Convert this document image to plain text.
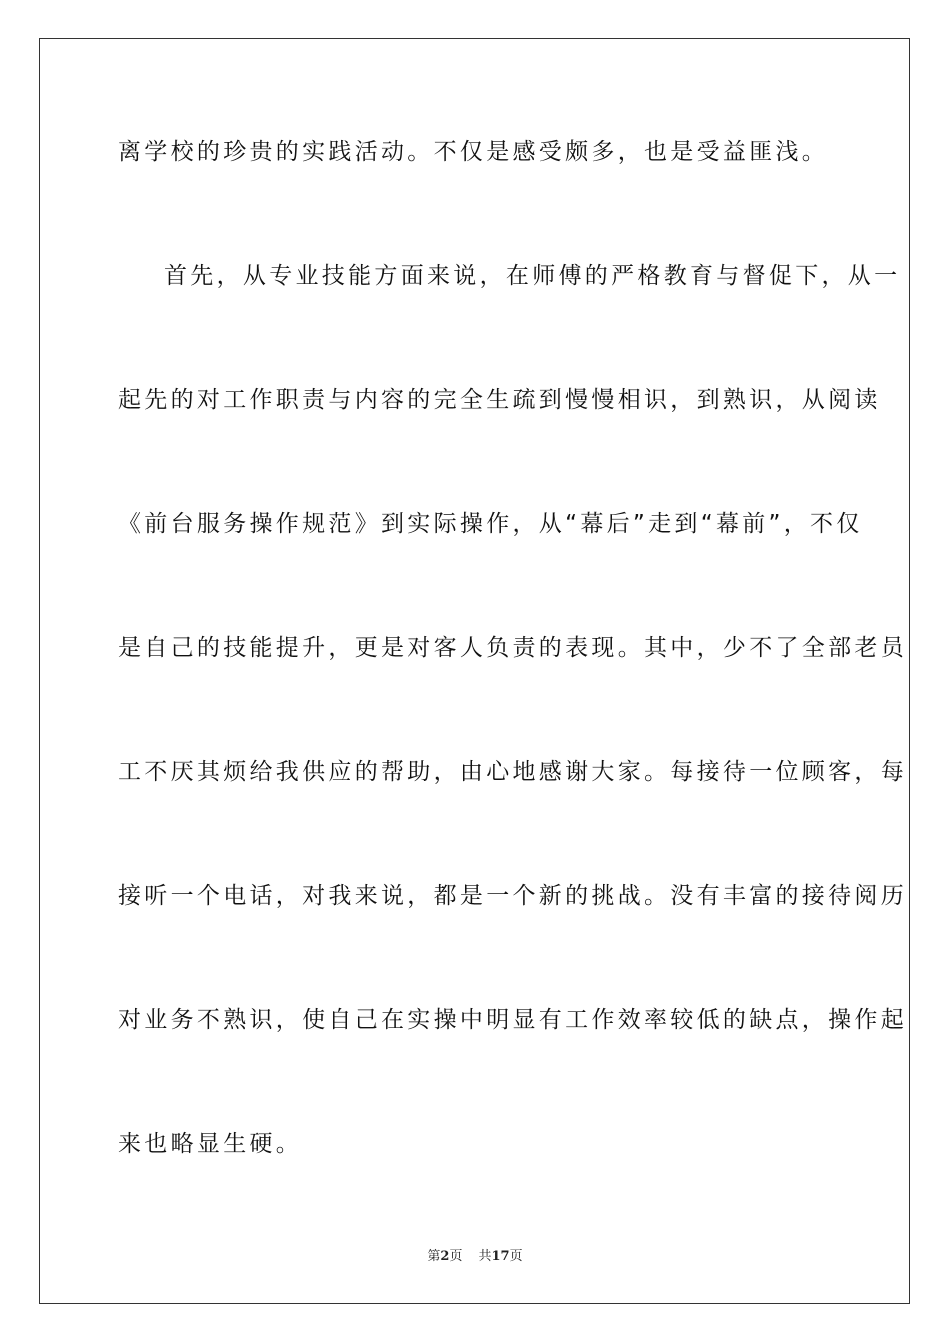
离学校的珍贵的实践活动。不仅是感受颇多，也是受益匪浅。
首先，从专业技能方面来说，在师傅的严格教育与督促下，从一
起先的对工作职责与内容的完全生疏到慢慢相识，到熟识，从阅读
《前台服务操作规范》到实际操作，从“幕后”走到“幕前”，不仅
是自己的技能提升，更是对客人负责的表现。其中，少不了全部老员
工不厌其烦给我供应的帮助，由心地感谢大家。每接待一位顾客，每
接听一个电话，对我来说，都是一个新的挑战。没有丰富的接待阅历
对业务不熟识，使自己在实操中明显有工作效率较低的缺点，操作起
来也略显生硬。
第2页 共17页
